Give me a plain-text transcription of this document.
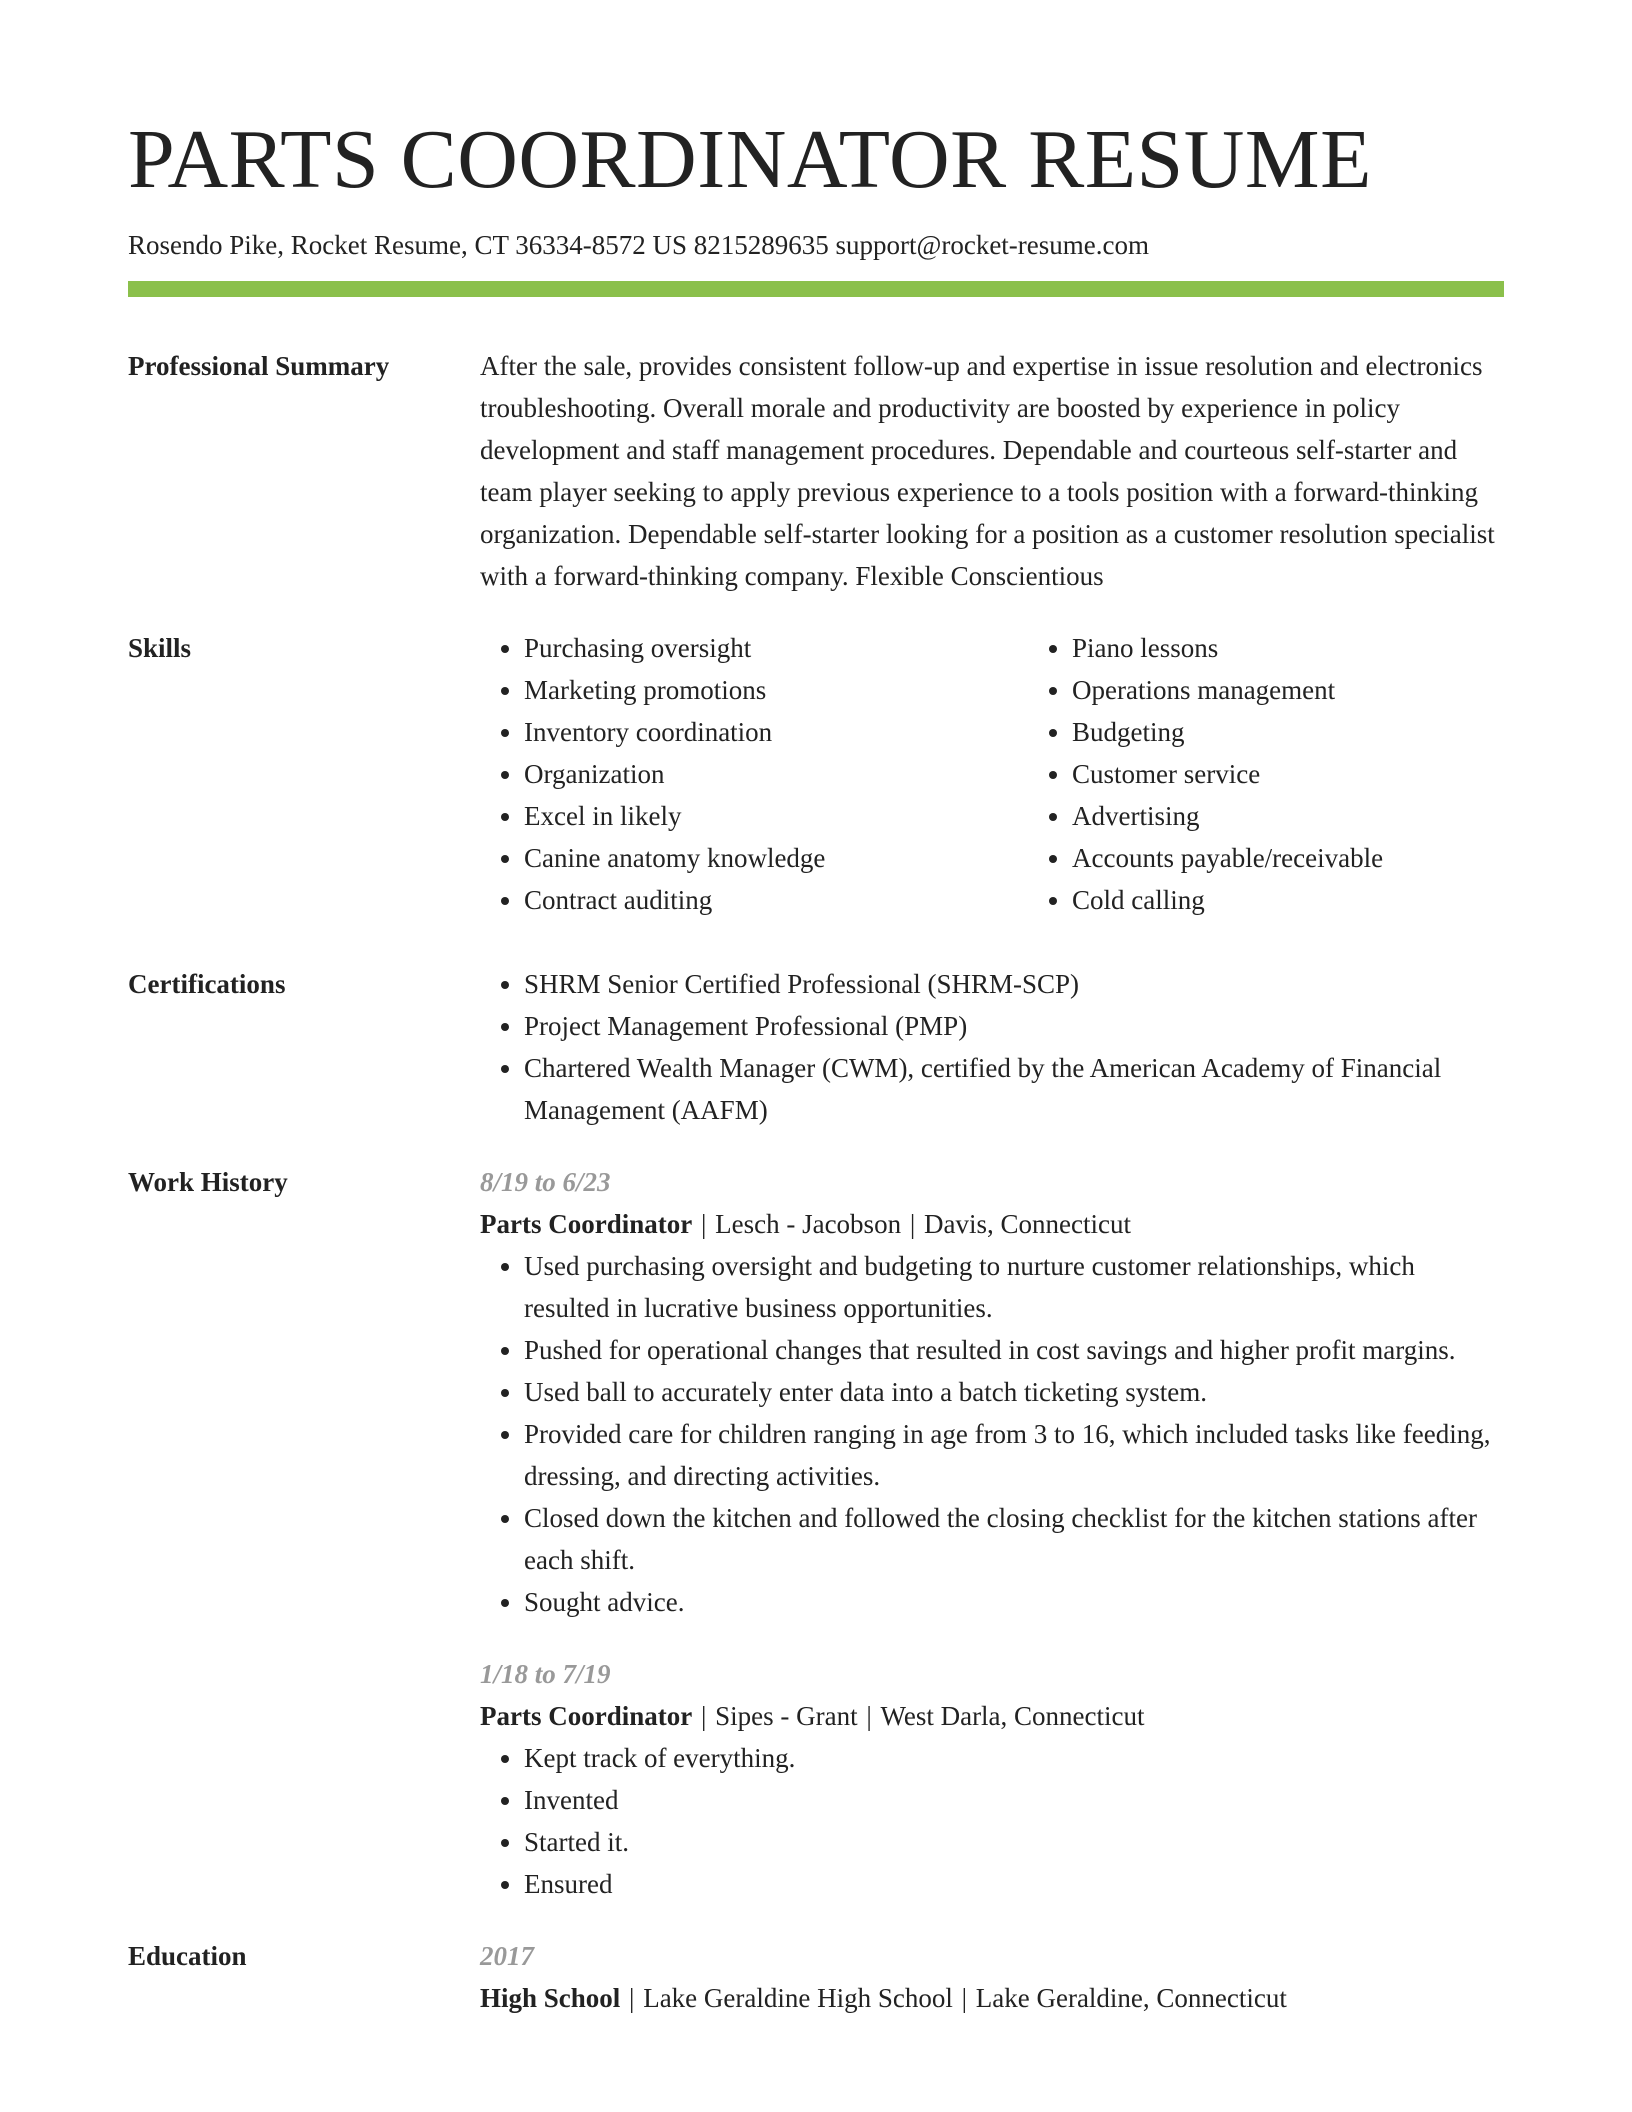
PARTS COORDINATOR RESUME
Rosendo Pike, Rocket Resume, CT 36334-8572 US 8215289635 support@rocket-resume.com
Professional Summary	After the sale, provides consistent follow-up and expertise in issue resolution and electronics troubleshooting. Overall morale and productivity are boosted by experience in policy development and staff management procedures. Dependable and courteous self-starter and team player seeking to apply previous experience to a tools position with a forward-thinking organization. Dependable self-starter looking for a position as a customer resolution specialist with a forward-thinking company. Flexible Conscientious

Skills	• Purchasing oversight
• Marketing promotions
• Inventory coordination
• Organization
• Excel in likely
• Canine anatomy knowledge
• Contract auditing
• Piano lessons
• Operations management
• Budgeting
• Customer service
• Advertising
• Accounts payable/receivable
• Cold calling
Certifications	• SHRM Senior Certified Professional (SHRM-SCP)
• Project Management Professional (PMP)
• Chartered Wealth Manager (CWM), certified by the American Academy of Financial Management (AAFM)
Work History	8/19 to 6/23
Parts Coordinator | Lesch - Jacobson | Davis, Connecticut
• Used purchasing oversight and budgeting to nurture customer relationships, which resulted in lucrative business opportunities.
• Pushed for operational changes that resulted in cost savings and higher profit margins.
• Used ball to accurately enter data into a batch ticketing system.
• Provided care for children ranging in age from 3 to 16, which included tasks like feeding, dressing, and directing activities.
• Closed down the kitchen and followed the closing checklist for the kitchen stations after each shift.
• Sought advice.
1/18 to 7/19
Parts Coordinator | Sipes - Grant | West Darla, Connecticut
• Kept track of everything.
• Invented
• Started it.
• Ensured
Education	2017
High School | Lake Geraldine High School | Lake Geraldine, Connecticut
